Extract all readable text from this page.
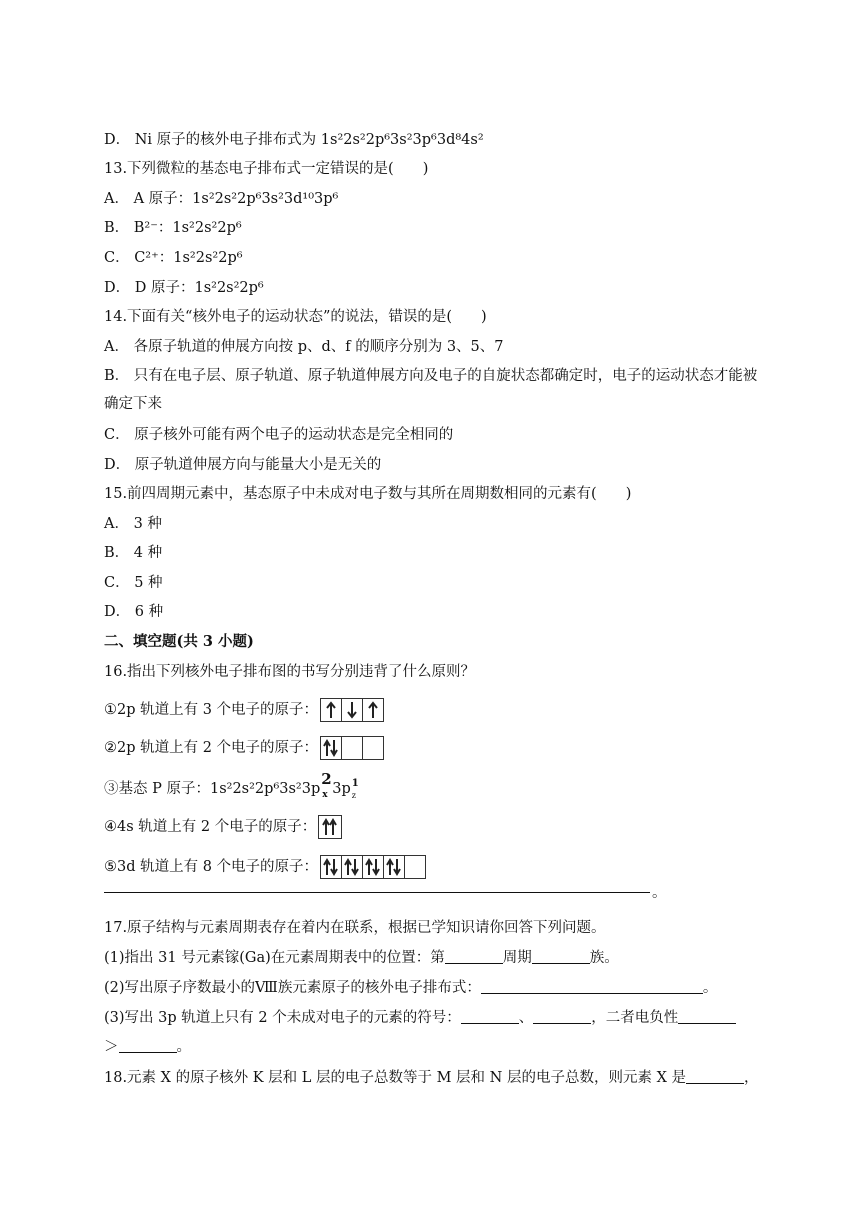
D． Ni 原子的核外电子排布式为 1s²2s²2p⁶3s²3p⁶3d⁸4s²
13.下列微粒的基态电子排布式一定错误的是(　　)
A． A 原子：1s²2s²2p⁶3s²3d¹⁰3p⁶
B． B²⁻：1s²2s²2p⁶
C． C²⁺：1s²2s²2p⁶
D． D 原子：1s²2s²2p⁶
14.下面有关“核外电子的运动状态”的说法，错误的是(　　)
A． 各原子轨道的伸展方向按 p、d、f 的顺序分别为 3、5、7
B． 只有在电子层、原子轨道、原子轨道伸展方向及电子的自旋状态都确定时，电子的运动状态才能被确定下来
C． 原子核外可能有两个电子的运动状态是完全相同的
D． 原子轨道伸展方向与能量大小是无关的
15.前四周期元素中，基态原子中未成对电子数与其所在周期数相同的元素有(　　)
A． 3 种
B． 4 种
C． 5 种
D． 6 种
二、填空题(共 3 小题)
16.指出下列核外电子排布图的书写分别违背了什么原则？
①2p 轨道上有 3 个电子的原子：
②2p 轨道上有 2 个电子的原子：
③基态 P 原子：1s²2s²2p⁶3s²3p
2
x 3p 1
z
④4s 轨道上有 2 个电子的原子：
⑤3d 轨道上有 8 个电子的原子：
。
17.原子结构与元素周期表存在着内在联系，根据已学知识请你回答下列问题。
(1)指出 31 号元素镓(Ga)在元素周期表中的位置：第	周期	族。
(2)写出原子序数最小的Ⅷ族元素原子的核外电子排布式：	。
(3)写出 3p 轨道上只有 2 个未成对电子的元素的符号：	、	，二者电负性
＞	。
18.元素 X 的原子核外 K 层和 L 层的电子总数等于 M 层和 N 层的电子总数，则元素 X 是	，
